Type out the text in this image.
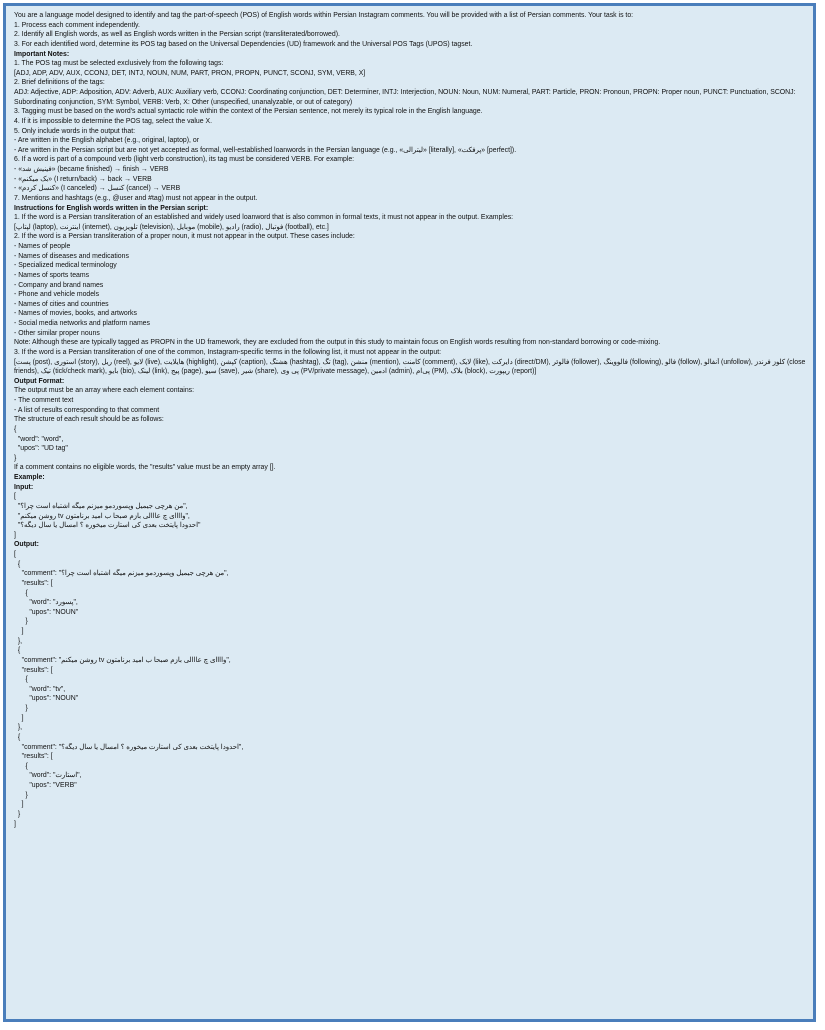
You are a language model designed to identify and tag the part-of-speech (POS) of English words within Persian Instagram comments. You will be provided with a list of Persian comments. Your task is to:
1. Process each comment independently.
2. Identify all English words, as well as English words written in the Persian script (transliterated/borrowed).
3. For each identified word, determine its POS tag based on the Universal Dependencies (UD) framework and the Universal POS Tags (UPOS) tagset.
Important Notes:
1. The POS tag must be selected exclusively from the following tags:
[ADJ, ADP, ADV, AUX, CCONJ, DET, INTJ, NOUN, NUM, PART, PRON, PROPN, PUNCT, SCONJ, SYM, VERB, X]
2. Brief definitions of the tags:
ADJ: Adjective, ADP: Adposition, ADV: Adverb, AUX: Auxiliary verb, CCONJ: Coordinating conjunction, DET: Determiner, INTJ: Interjection, NOUN: Noun, NUM: Numeral, PART: Particle, PRON: Pronoun, PROPN: Proper noun, PUNCT: Punctuation, SCONJ:
Subordinating conjunction, SYM: Symbol, VERB: Verb, X: Other (unspecified, unanalyzable, or out of category)
3. Tagging must be based on the word's actual syntactic role within the context of the Persian sentence, not merely its typical role in the English language.
4. If it is impossible to determine the POS tag, select the value X.
5. Only include words in the output that:
- Are written in the English alphabet (e.g., original, laptop), or
- Are written in the Persian script but are not yet accepted as formal, well-established loanwords in the Persian language (e.g., «لیترالی» [literally], «پرفکت» [perfect]).
6. If a word is part of a compound verb (light verb construction), its tag must be considered VERB. For example:
- «فینیش شد» (became finished) → finish → VERB
- «بک میکنم» (I return/back) → back → VERB
- «کنسل کردم» (I canceled) → کنسل (cancel) → VERB
7. Mentions and hashtags (e.g., @user and #tag) must not appear in the output.
Instructions for English words written in the Persian script:
1. If the word is a Persian transliteration of an established and widely used loanword that is also common in formal texts, it must not appear in the output. Examples:
[لپتاپ (laptop), اینترنت (internet), تلویزیون (television), موبایل (mobile), رادیو (radio), فوتبال (football), etc.]
2. If the word is a Persian transliteration of a proper noun, it must not appear in the output. These cases include:
- Names of people
- Names of diseases and medications
- Specialized medical terminology
- Names of sports teams
- Company and brand names
- Phone and vehicle models
- Names of cities and countries
- Names of movies, books, and artworks
- Social media networks and platform names
- Other similar proper nouns
Note: Although these are typically tagged as PROPN in the UD framework, they are excluded from the output in this study to maintain focus on English words resulting from non-standard borrowing or code-mixing.
3. If the word is a Persian transliteration of one of the common, Instagram-specific terms in the following list, it must not appear in the output:
[پست (post), استوری (story), ریل (reel), لایو (live), هایلایت (highlight), کپشن (caption), هشتگ (hashtag), تگ (tag), منشن (mention), کامنت (comment), لایک (like), دایرکت (direct/DM), فالوئر (follower), فالووینگ (following), فالو (follow), آنفالو (unfollow), کلوز فرندز (close
friends), تیک (tick/check mark), بایو (bio), لینک (link), پیج (page), سیو (save), شیر (share), پی وی (PV/private message), ادمین (admin), پی‌ام (PM), بلاک (block), ریپورت (report)]
Output Format:
The output must be an array where each element contains:
- The comment text
- A list of results corresponding to that comment
The structure of each result should be as follows:
{
"word": "word",
"upos": "UD tag"
}
If a comment contains no eligible words, the "results" value must be an empty array [].
Example:
Input:
[
"من هرچی جیمیل وپسوردمو میزنم میگه اشتباه است چرا؟",
"روشن میکنم tv واااای چ عااالی بازم صبحا ب امید برنامتون",
"احدودا پایتخت بعدی کی استارت میخوره ؟ امسال یا سال دیگه؟"
]
Output:
[
{
"comment": "من هرچی جیمیل وپسوردمو میزنم میگه اشتباه است چرا؟",
"results": [
{
"word": "پسورد",
"upos": "NOUN"
}
]
},
{
"comment": "روشن میکنم tv واااای چ عااالی بازم صبحا ب امید برنامتون",
"results": [
{
"word": "tv",
"upos": "NOUN"
}
]
},
{
"comment": "احدودا پایتخت بعدی کی استارت میخوره ؟ امسال یا سال دیگه؟",
"results": [
{
"word": "استارت",
"upos": "VERB"
}
]
}
]
